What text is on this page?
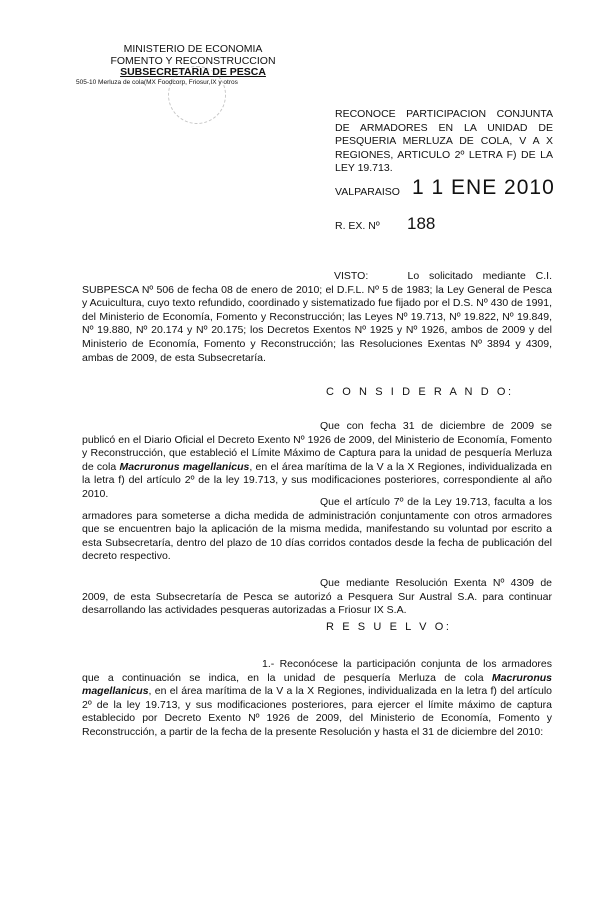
MINISTERIO DE ECONOMIA
FOMENTO Y RECONSTRUCCION
SUBSECRETARIA DE PESCA
505-10 Merluza de cola(MX Foodcorp, Friosur,IX y otros
RECONOCE PARTICIPACION CONJUNTA DE ARMADORES EN LA UNIDAD DE PESQUERIA MERLUZA DE COLA, V A X REGIONES, ARTICULO 2º LETRA F) DE LA LEY 19.713.
VALPARAISO 1 1 ENE 2010
R. EX. Nº 188

VISTO:	Lo solicitado mediante C.I. SUBPESCA Nº 506 de fecha 08 de enero de 2010; el D.F.L. Nº 5 de 1983; la Ley General de Pesca y Acuicultura, cuyo texto refundido, coordinado y sistematizado fue fijado por el D.S. Nº 430 de 1991, del Ministerio de Economía, Fomento y Reconstrucción; las Leyes Nº 19.713, Nº 19.822, Nº 19.849, Nº 19.880, Nº 20.174 y Nº 20.175; los Decretos Exentos Nº 1925 y Nº 1926, ambos de 2009 y del Ministerio de Economía, Fomento y Reconstrucción; las Resoluciones Exentas Nº 3894 y 4309, ambas de 2009, de esta Subsecretaría.

C O N S I D E R A N D O:

Que con fecha 31 de diciembre de 2009 se publicó en el Diario Oficial el Decreto Exento Nº 1926 de 2009, del Ministerio de Economía, Fomento y Reconstrucción, que estableció el Límite Máximo de Captura para la unidad de pesquería Merluza de cola Macruronus magellanicus, en el área marítima de la V a la X Regiones, individualizada en la letra f) del artículo 2º de la ley 19.713, y sus modificaciones posteriores, correspondiente al año 2010.

Que el artículo 7º de la Ley 19.713, faculta a los armadores para someterse a dicha medida de administración conjuntamente con otros armadores que se encuentren bajo la aplicación de la misma medida, manifestando su voluntad por escrito a esta Subsecretaría, dentro del plazo de 10 días corridos contados desde la fecha de publicación del decreto respectivo.

Que mediante Resolución Exenta Nº 4309 de 2009, de esta Subsecretaría de Pesca se autorizó a Pesquera Sur Austral S.A. para continuar desarrollando las actividades pesqueras autorizadas a Friosur IX S.A.

R E S U E L V O:

1.- Reconócese la participación conjunta de los armadores que a continuación se indica, en la unidad de pesquería Merluza de cola Macruronus magellanicus, en el área marítima de la V a la X Regiones, individualizada en la letra f) del artículo 2º de la ley 19.713, y sus modificaciones posteriores, para ejercer el límite máximo de captura establecido por Decreto Exento Nº 1926 de 2009, del Ministerio de Economía, Fomento y Reconstrucción, a partir de la fecha de la presente Resolución y hasta el 31 de diciembre del 2010:
